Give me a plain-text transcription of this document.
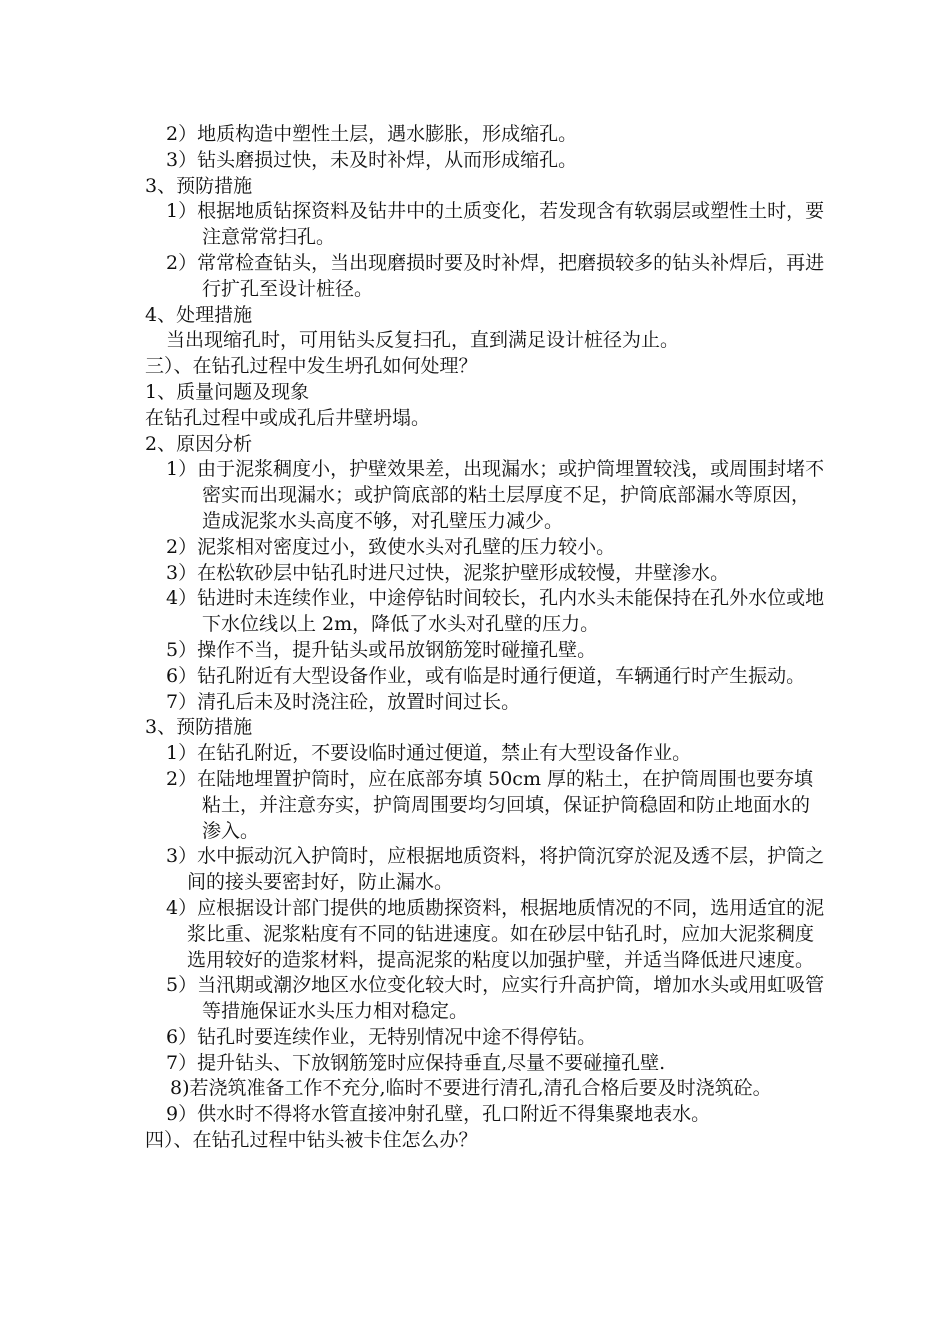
2）地质构造中塑性土层，遇水膨胀，形成缩孔。

3）钻头磨损过快，未及时补焊，从而形成缩孔。

3、预防措施

1）根据地质钻探资料及钻井中的土质变化，若发现含有软弱层或塑性土时，要注意常常扫孔。

2）常常检查钻头，当出现磨损时要及时补焊，把磨损较多的钻头补焊后，再进行扩孔至设计桩径。

4、处理措施

当出现缩孔时，可用钻头反复扫孔，直到满足设计桩径为止。

三）、在钻孔过程中发生坍孔如何处理？

1、质量问题及现象

在钻孔过程中或成孔后井壁坍塌。

2、原因分析

1）由于泥浆稠度小，护壁效果差，出现漏水；或护筒埋置较浅，或周围封堵不密实而出现漏水；或护筒底部的粘土层厚度不足，护筒底部漏水等原因，造成泥浆水头高度不够，对孔壁压力减少。

2）泥浆相对密度过小，致使水头对孔壁的压力较小。

3）在松软砂层中钻孔时进尺过快，泥浆护壁形成较慢，井壁渗水。

4）钻进时未连续作业，中途停钻时间较长，孔内水头未能保持在孔外水位或地下水位线以上 2m，降低了水头对孔壁的压力。

5）操作不当，提升钻头或吊放钢筋笼时碰撞孔壁。

6）钻孔附近有大型设备作业，或有临是时通行便道，车辆通行时产生振动。

7）清孔后未及时浇注砼，放置时间过长。

3、预防措施

1）在钻孔附近，不要设临时通过便道，禁止有大型设备作业。

2）在陆地埋置护筒时，应在底部夯填 50cm 厚的粘土，在护筒周围也要夯填粘土，并注意夯实，护筒周围要均匀回填，保证护筒稳固和防止地面水的渗入。

3）水中振动沉入护筒时，应根据地质资料，将护筒沉穿於泥及透不层，护筒之间的接头要密封好，防止漏水。

4）应根据设计部门提供的地质勘探资料，根据地质情况的不同，选用适宜的泥浆比重、泥浆粘度有不同的钻进速度。如在砂层中钻孔时，应加大泥浆稠度选用较好的造浆材料，提高泥浆的粘度以加强护壁，并适当降低进尺速度。

5）当汛期或潮汐地区水位变化较大时，应实行升高护筒，增加水头或用虹吸管等措施保证水头压力相对稳定。

6）钻孔时要连续作业，无特别情况中途不得停钻。

7）提升钻头、下放钢筋笼时应保持垂直,尽量不要碰撞孔壁.

8)若浇筑准备工作不充分,临时不要进行清孔,清孔合格后要及时浇筑砼。

9）供水时不得将水管直接冲射孔壁，孔口附近不得集聚地表水。

四）、在钻孔过程中钻头被卡住怎么办？
